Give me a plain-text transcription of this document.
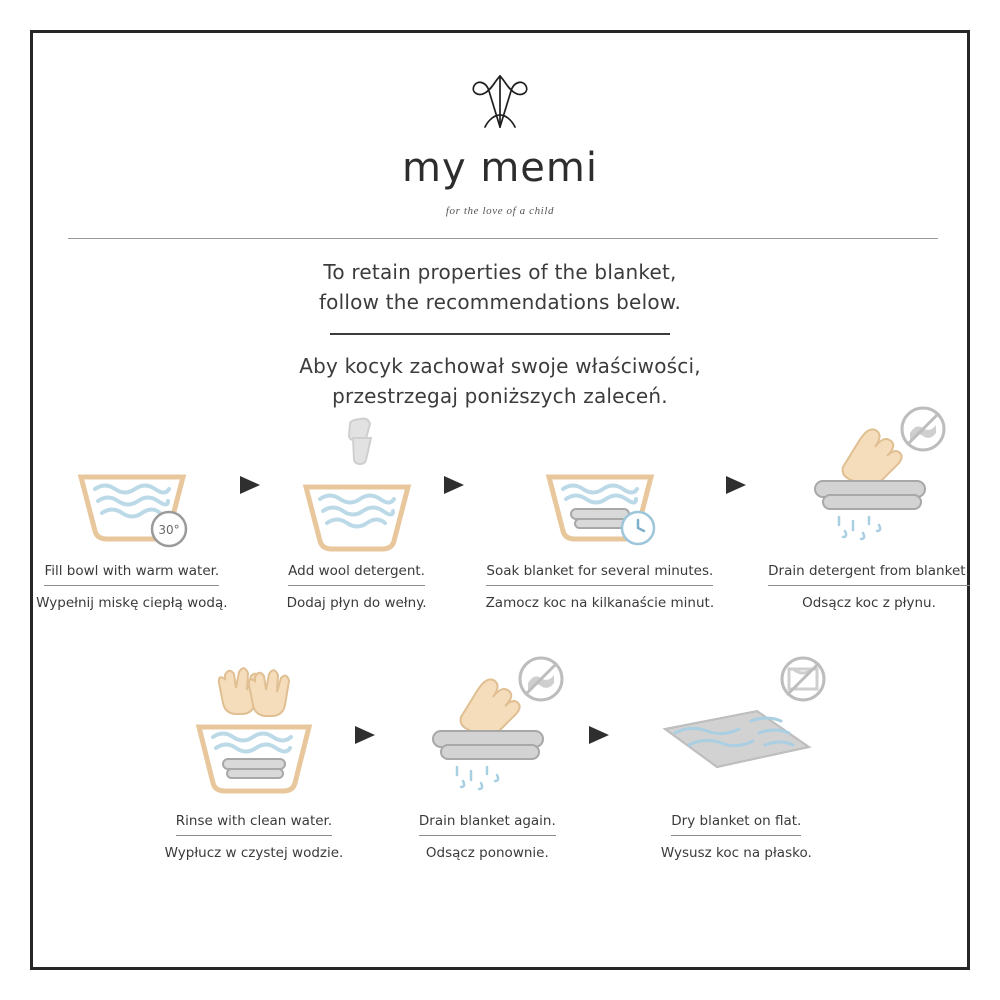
my memi
for the love of a child
To retain properties of the blanket,
follow the recommendations below.
Aby kocyk zachował swoje właściwości,
przestrzegaj poniższych zaleceń.
30°
Fill bowl with warm water.
Wypełnij miskę ciepłą wodą.
Add wool detergent.
Dodaj płyn do wełny.
Soak blanket for several minutes.
Zamocz koc na kilkanaście minut.
Drain detergent from blanket.
Odsącz koc z płynu.
Rinse with clean water.
Wypłucz w czystej wodzie.
Drain blanket again.
Odsącz ponownie.
Dry blanket on flat.
Wysusz koc na płasko.
